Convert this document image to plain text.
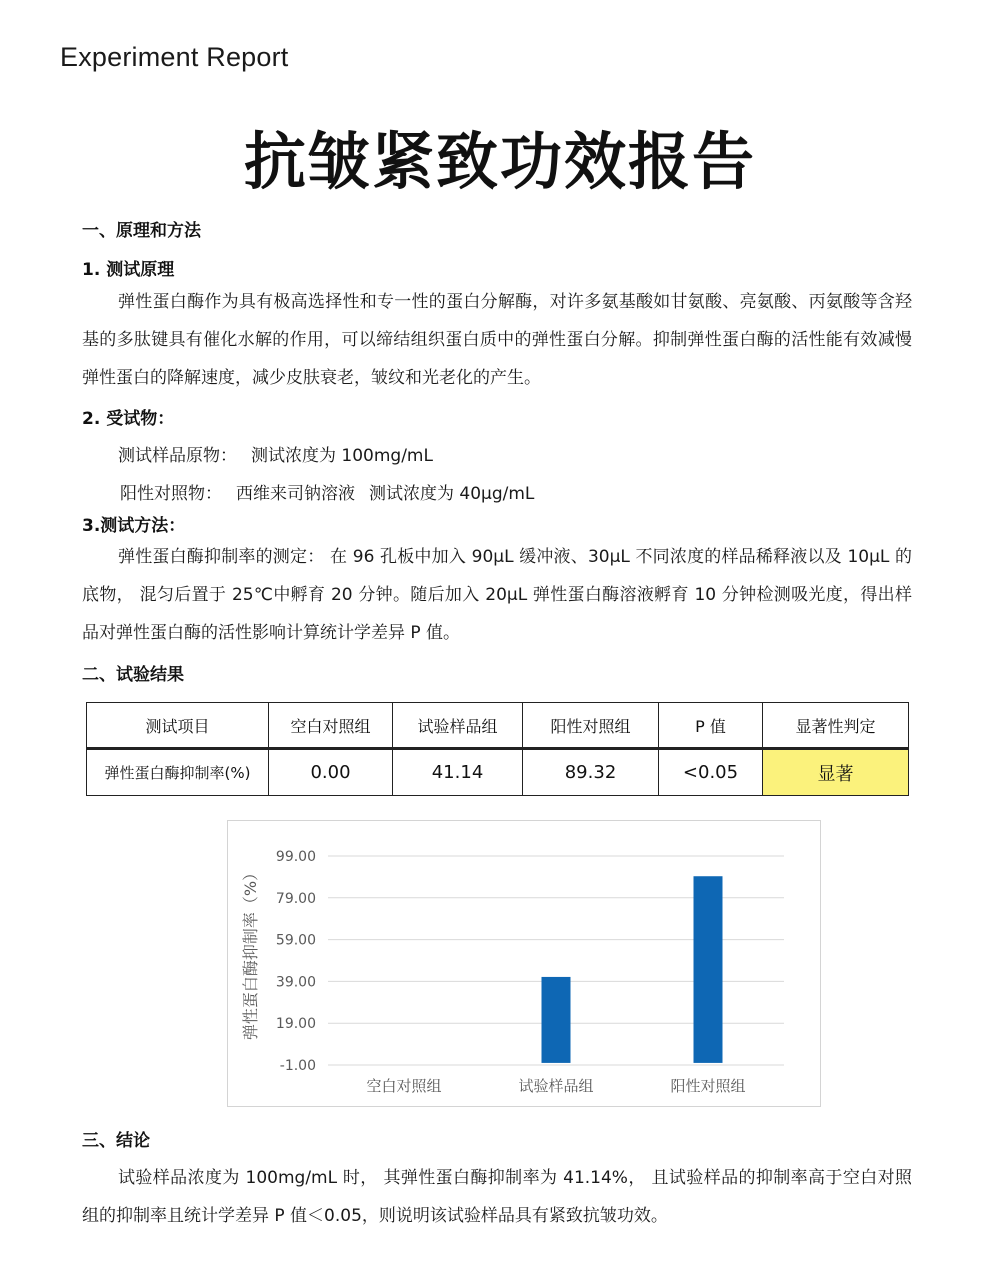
Experiment Report
抗皱紧致功效报告
一、原理和方法
1. 测试原理
弹性蛋白酶作为具有极高选择性和专一性的蛋白分解酶，对许多氨基酸如甘氨酸、亮氨酸、丙氨酸等含羟基的多肽键具有催化水解的作用，可以缔结组织蛋白质中的弹性蛋白分解。抑制弹性蛋白酶的活性能有效减慢弹性蛋白的降解速度，减少皮肤衰老，皱纹和光老化的产生。
2. 受试物：
测试样品原物： 测试浓度为 100mg/mL
阳性对照物： 西维来司钠溶液 测试浓度为 40μg/mL
3.测试方法：
弹性蛋白酶抑制率的测定： 在 96 孔板中加入 90μL 缓冲液、30μL 不同浓度的样品稀释液以及 10μL 的 底物， 混匀后置于 25℃中孵育 20 分钟。随后加入 20μL 弹性蛋白酶溶液孵育 10 分钟检测吸光度，得出样品对弹性蛋白酶的活性影响计算统计学差异 P 值。
二、试验结果
测试项目	空白对照组	试验样品组	阳性对照组	P 值	显著性判定
弹性蛋白酶抑制率(%)	0.00	41.14	89.32	<0.05	显著
99.00
79.00
59.00
39.00
19.00
-1.00
空白对照组	试验样品组	阳性对照组
弹性蛋白酶抑制率（%）
三、结论
试验样品浓度为 100mg/mL 时， 其弹性蛋白酶抑制率为 41.14%， 且试验样品的抑制率高于空白对照组的抑制率且统计学差异 P 值＜0.05，则说明该试验样品具有紧致抗皱功效。
